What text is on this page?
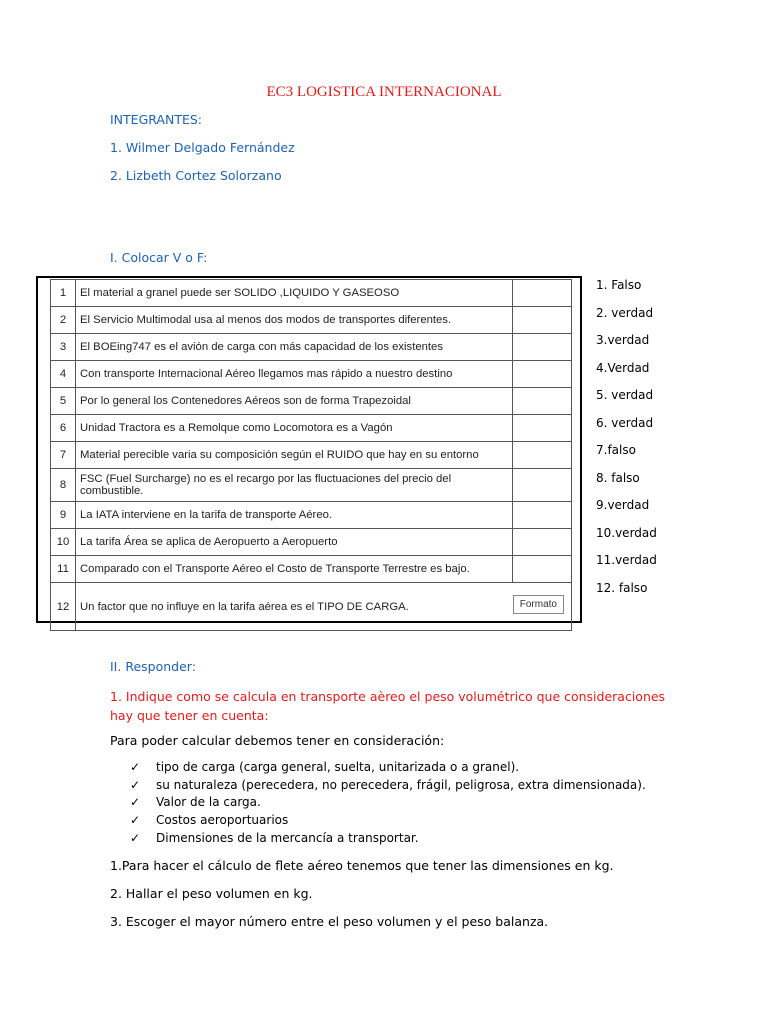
EC3 LOGISTICA INTERNACIONAL
INTEGRANTES:
1. Wilmer Delgado Fernández
2. Lizbeth Cortez Solorzano
I. Colocar V o F:
1	El material a granel puede ser SOLIDO ,LIQUIDO Y GASEOSO	
2	El Servicio Multimodal usa al menos dos modos de transportes diferentes.	
3	El BOEing747 es el avión de carga con más capacidad de los existentes	
4	Con transporte Internacional Aéreo llegamos mas rápido a nuestro destino	
5	Por lo general los Contenedores Aéreos son de forma Trapezoidal	
6	Unidad Tractora es a Remolque como Locomotora es a Vagón	
7	Material perecible varia su composición según el RUIDO que hay en su entorno	
8	FSC (Fuel Surcharge) no es el recargo por las fluctuaciones del precio del combustible.	
9	La IATA interviene en la tarifa de transporte Aéreo.	
10	La tarifa Área se aplica de Aeropuerto a Aeropuerto	
11	Comparado con el Transporte Aéreo el Costo de Transporte Terrestre es bajo.	
12	Un factor que no influye en la tarifa aérea es el TIPO DE CARGA. Formato	
1. Falso
2. verdad
3.verdad
4.Verdad
5. verdad
6. verdad
7.falso
8. falso
9.verdad
10.verdad
11.verdad
12. falso
II. Responder:
1. Indique como se calcula en transporte aèreo el peso volumétrico que consideraciones hay que tener en cuenta:
Para poder calcular debemos tener en consideración:
✓	tipo de carga (carga general, suelta, unitarizada o a granel).
✓	su naturaleza (perecedera, no perecedera, frágil, peligrosa, extra dimensionada).
✓	Valor de la carga.
✓	Costos aeroportuarios
✓	Dimensiones de la mercancía a transportar.
1.Para hacer el cálculo de flete aéreo tenemos que tener las dimensiones en kg.
2. Hallar el peso volumen en kg.
3. Escoger el mayor número entre el peso volumen y el peso balanza.
